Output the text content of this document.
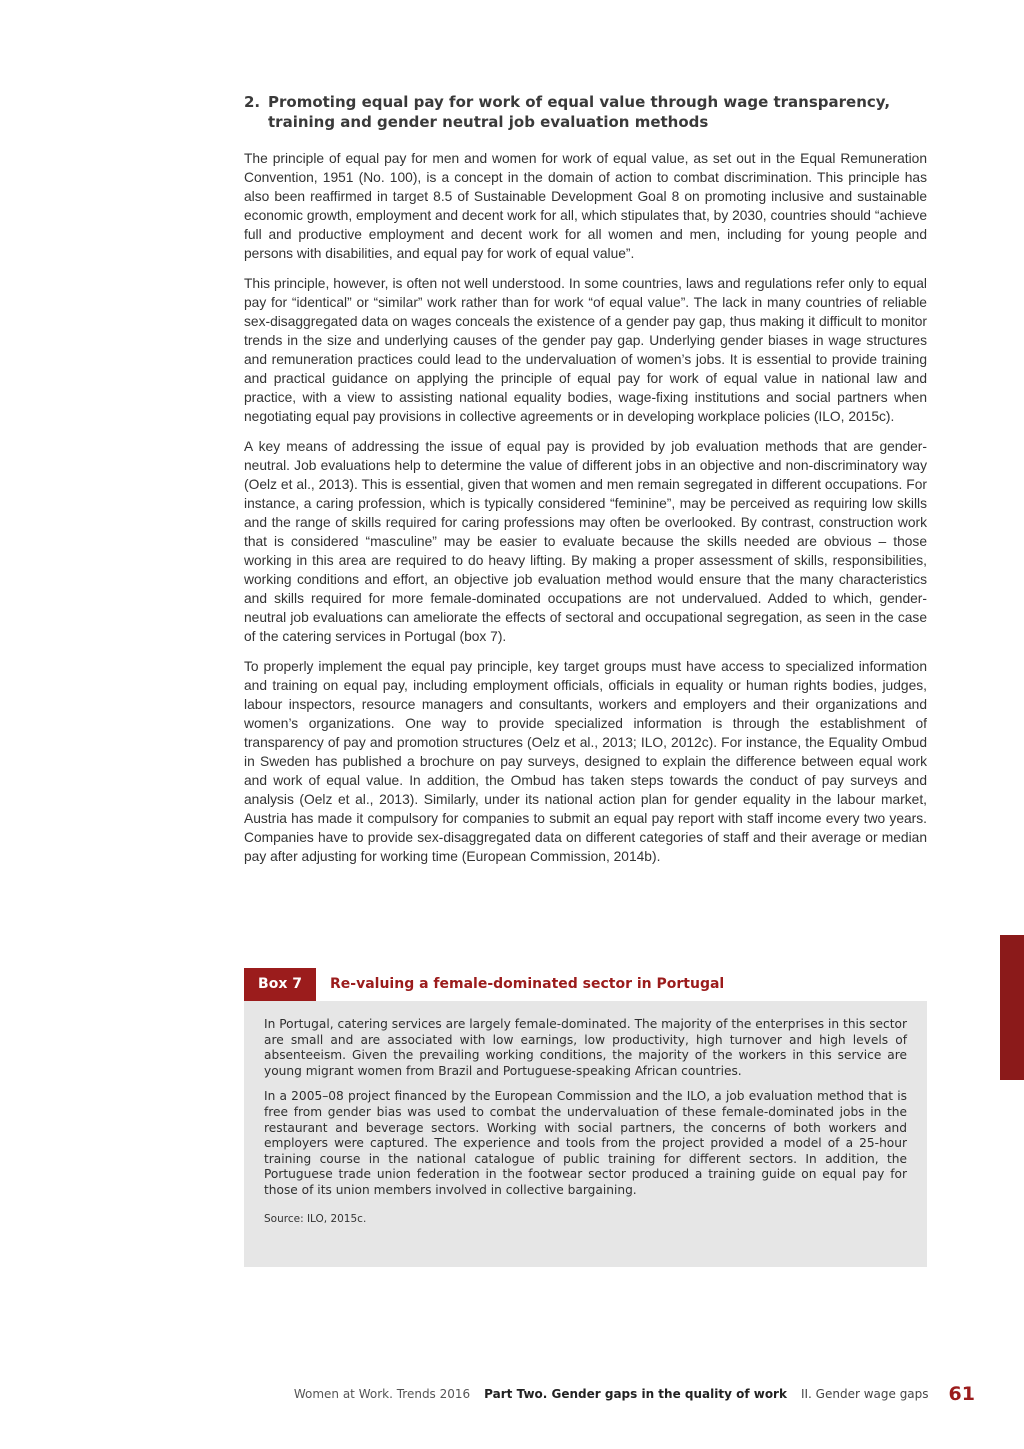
2. Promoting equal pay for work of equal value through wage transparency, training and gender neutral job evaluation methods

The principle of equal pay for men and women for work of equal value, as set out in the Equal Remuneration Convention, 1951 (No. 100), is a concept in the domain of action to combat discrimination. This principle has also been reaffirmed in target 8.5 of Sustainable Development Goal 8 on promoting inclusive and sustainable economic growth, employment and decent work for all, which stipulates that, by 2030, countries should “achieve full and productive employment and decent work for all women and men, including for young people and persons with disabilities, and equal pay for work of equal value”.

This principle, however, is often not well understood. In some countries, laws and regulations refer only to equal pay for “identical” or “similar” work rather than for work “of equal value”. The lack in many countries of reliable sex-disaggregated data on wages conceals the existence of a gender pay gap, thus making it difficult to monitor trends in the size and underlying causes of the gender pay gap. Underlying gender biases in wage structures and remuneration practices could lead to the undervaluation of women’s jobs. It is essential to provide training and practical guidance on applying the principle of equal pay for work of equal value in national law and practice, with a view to assisting national equality bodies, wage-fixing institutions and social partners when negotiating equal pay provisions in collective agreements or in developing workplace policies (ILO, 2015c).

A key means of addressing the issue of equal pay is provided by job evaluation methods that are gender-neutral. Job evaluations help to determine the value of different jobs in an objective and non-discriminatory way (Oelz et al., 2013). This is essential, given that women and men remain segregated in different occupations. For instance, a caring profession, which is typically considered “feminine”, may be perceived as requiring low skills and the range of skills required for caring professions may often be overlooked. By contrast, construction work that is considered “masculine” may be easier to evaluate because the skills needed are obvious – those working in this area are required to do heavy lifting. By making a proper assessment of skills, responsibilities, working conditions and effort, an objective job evaluation method would ensure that the many characteristics and skills required for more female-dominated occupations are not undervalued. Added to which, gender-neutral job evaluations can ameliorate the effects of sectoral and occupational segregation, as seen in the case of the catering services in Portugal (box 7).

To properly implement the equal pay principle, key target groups must have access to specialized information and training on equal pay, including employment officials, officials in equality or human rights bodies, judges, labour inspectors, resource managers and consultants, workers and employers and their organizations and women’s organizations. One way to provide specialized information is through the establishment of transparency of pay and promotion structures (Oelz et al., 2013; ILO, 2012c). For instance, the Equality Ombud in Sweden has published a brochure on pay surveys, designed to explain the difference between equal work and work of equal value. In addition, the Ombud has taken steps towards the conduct of pay surveys and analysis (Oelz et al., 2013). Similarly, under its national action plan for gender equality in the labour market, Austria has made it compulsory for companies to submit an equal pay report with staff income every two years. Companies have to provide sex-disaggregated data on different categories of staff and their average or median pay after adjusting for working time (European Commission, 2014b).

Box 7	Re-valuing a female-dominated sector in Portugal

In Portugal, catering services are largely female-dominated. The majority of the enterprises in this sector are small and are associated with low earnings, low productivity, high turnover and high levels of absenteeism. Given the prevailing working conditions, the majority of the workers in this service are young migrant women from Brazil and Portuguese-speaking African countries.

In a 2005–08 project financed by the European Commission and the ILO, a job evaluation method that is free from gender bias was used to combat the undervaluation of these female-dominated jobs in the restaurant and beverage sectors. Working with social partners, the concerns of both workers and employers were captured. The experience and tools from the project provided a model of a 25-hour training course in the national catalogue of public training for different sectors. In addition, the Portuguese trade union federation in the footwear sector produced a training guide on equal pay for those of its union members involved in collective bargaining.

Source: ILO, 2015c.
Women at Work. Trends 2016 Part Two. Gender gaps in the quality of work II. Gender wage gaps 61
